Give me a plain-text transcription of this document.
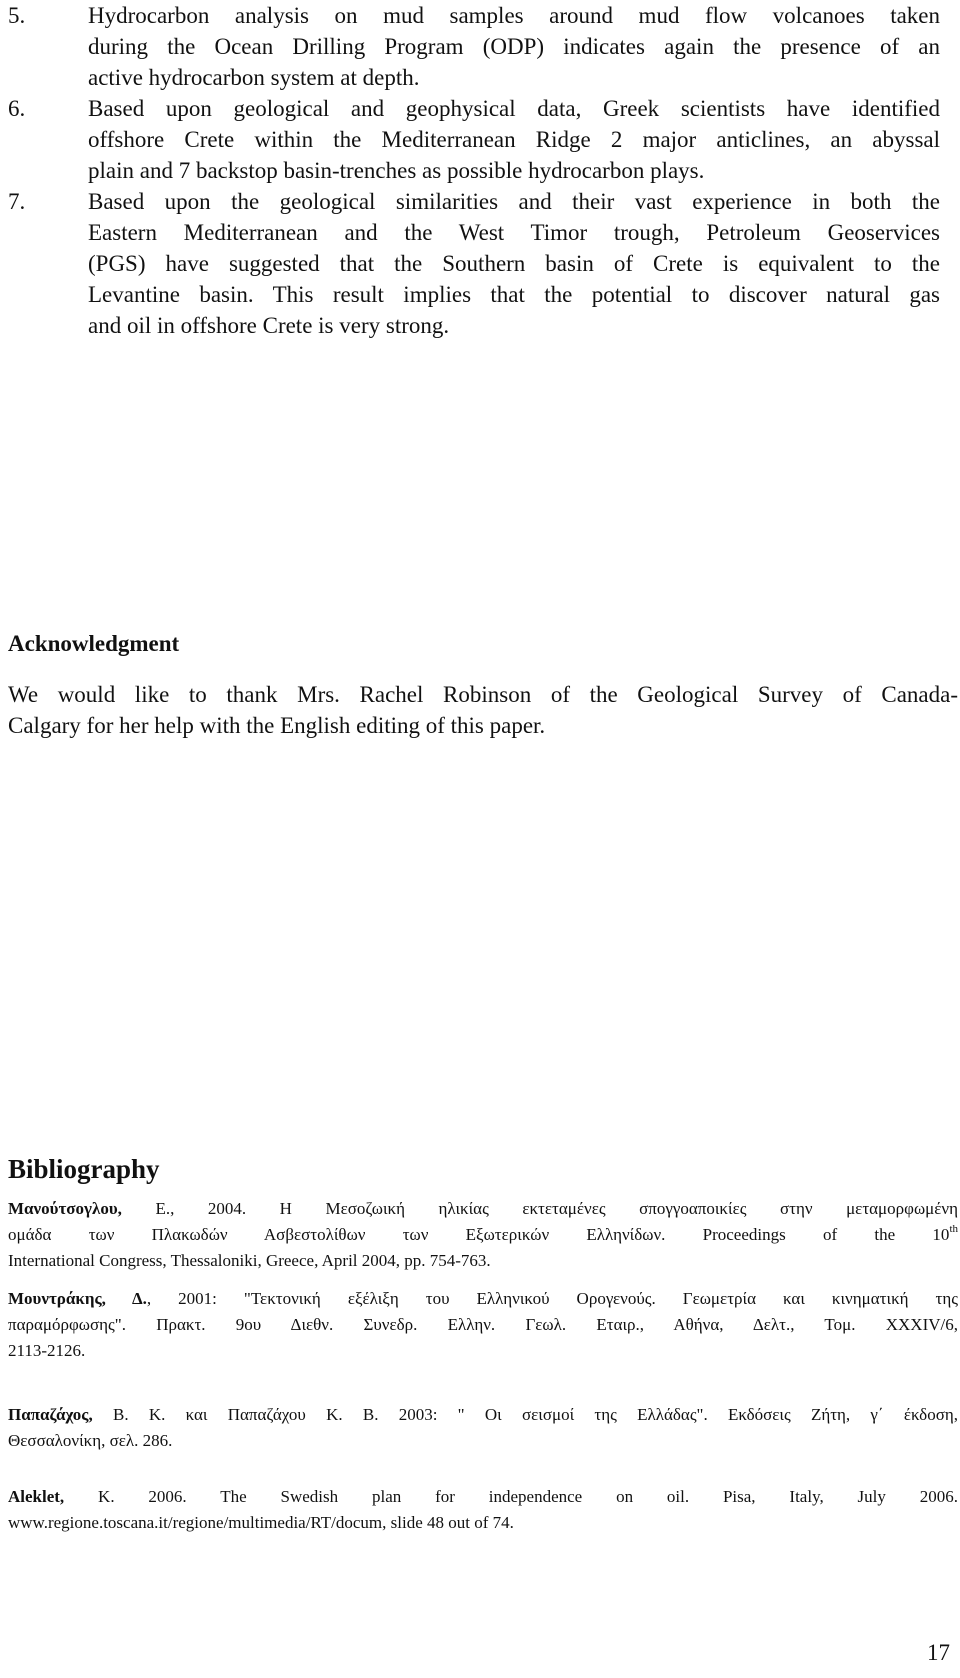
5.	Hydrocarbon analysis on mud samples around mud flow volcanoes taken
during the Ocean Drilling Program (ODP) indicates again the presence of an
active hydrocarbon system at depth.
6.	Based upon geological and geophysical data, Greek scientists have identified
offshore Crete within the Mediterranean Ridge 2 major anticlines, an abyssal
plain and 7 backstop basin-trenches as possible hydrocarbon plays.
7.	Based upon the geological similarities and their vast experience in both the
Eastern Mediterranean and the West Timor trough, Petroleum Geoservices
(PGS) have suggested that the Southern basin of Crete is equivalent to the
Levantine basin. This result implies that the potential to discover natural gas
and oil in offshore Crete is very strong.
Acknowledgment
We would like to thank Mrs. Rachel Robinson of the Geological Survey of Canada-
Calgary for her help with the English editing of this paper.
Bibliography
Μανούτσογλου, Ε., 2004. Η Μεσοζωική ηλικίας εκτεταμένες σπογγοαποικίες στην μεταμορφωμένη
ομάδα των Πλακωδών Ασβεστολίθων των Εξωτερικών Ελληνίδων. Proceedings of the 10th
International Congress, Thessaloniki, Greece, April 2004, pp. 754-763.
Μουντράκης, Δ., 2001: "Τεκτονική εξέλιξη του Ελληνικού Ορογενούς. Γεωμετρία και κινηματική της
παραμόρφωσης". Πρακτ. 9ου Διεθν. Συνεδρ. Ελλην. Γεωλ. Εταιρ., Αθήνα, Δελτ., Τομ. XXXIV/6,
2113-2126.
Παπαζάχος, Β. Κ. και Παπαζάχου Κ. Β. 2003: " Οι σεισμοί της Ελλάδας". Εκδόσεις Ζήτη, γ΄ έκδοση,
Θεσσαλονίκη, σελ. 286.
Aleklet, K. 2006. The Swedish plan for independence on oil. Pisa, Italy, July 2006.
www.regione.toscana.it/regione/multimedia/RT/docum, slide 48 out of 74.
17
